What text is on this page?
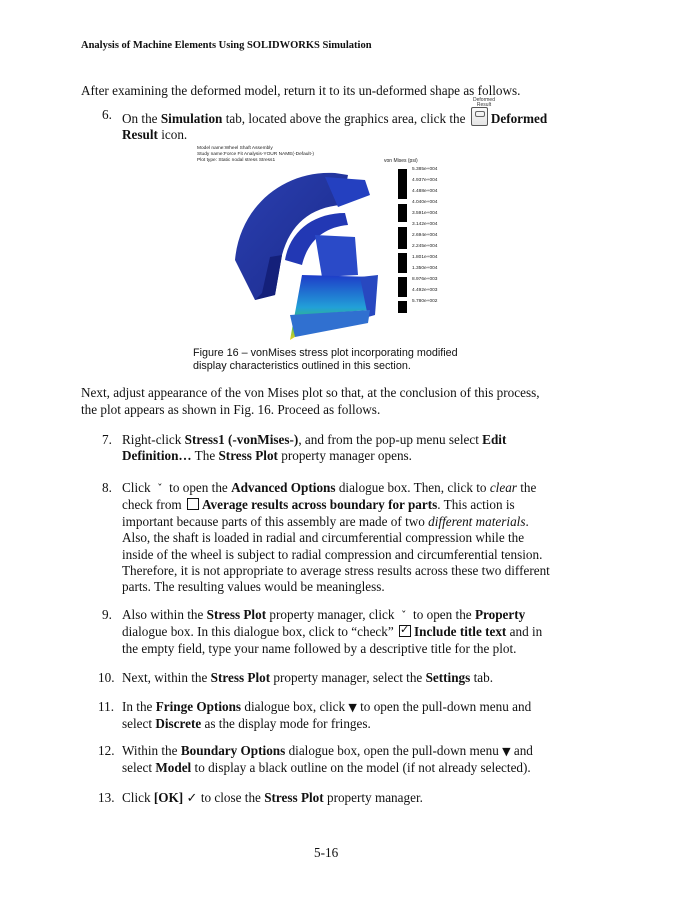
Analysis of Machine Elements Using SOLIDWORKS Simulation
After examining the deformed model, return it to its un-deformed shape as follows.
6. On the Simulation tab, located above the graphics area, click the Deformed
Result icon.
Deformed Result
Model name:Wheel Shaft Assembly
Study name:Force Fit Analysis-YOUR NAME(-Default-)
Plot type: Static nodal stress Stress1	von Mises (psi)
5.385e+004
4.937e+004
4.488e+004
4.040e+004
3.591e+004
3.142e+004
2.694e+004
2.245e+004
1.801e+004
1.350e+004
8.976e+003
4.492e+003
5.780e+002
Figure 16 – vonMises stress plot incorporating modified
display characteristics outlined in this section.
Next, adjust appearance of the von Mises plot so that, at the conclusion of this process,
the plot appears as shown in Fig. 16. Proceed as follows.
7. Right-click Stress1 (-vonMises-), and from the pop-up menu select Edit
Definition… The Stress Plot property manager opens.
8. Click ˇ to open the Advanced Options dialogue box. Then, click to clear the
check from Average results across boundary for parts. This action is
important because parts of this assembly are made of two different materials.
Also, the shaft is loaded in radial and circumferential compression while the
inside of the wheel is subject to radial compression and circumferential tension.
Therefore, it is not appropriate to average stress results across these two different
parts. The resulting values would be meaningless.
9. Also within the Stress Plot property manager, click ˇ to open the Property
dialogue box. In this dialogue box, click to “check” ✓Include title text and in
the empty field, type your name followed by a descriptive title for the plot.
10. Next, within the Stress Plot property manager, select the Settings tab.
11. In the Fringe Options dialogue box, click ▼ to open the pull-down menu and
select Discrete as the display mode for fringes.
12. Within the Boundary Options dialogue box, open the pull-down menu ▼ and
select Model to display a black outline on the model (if not already selected).
13. Click [OK] ✓ to close the Stress Plot property manager.
5-16
